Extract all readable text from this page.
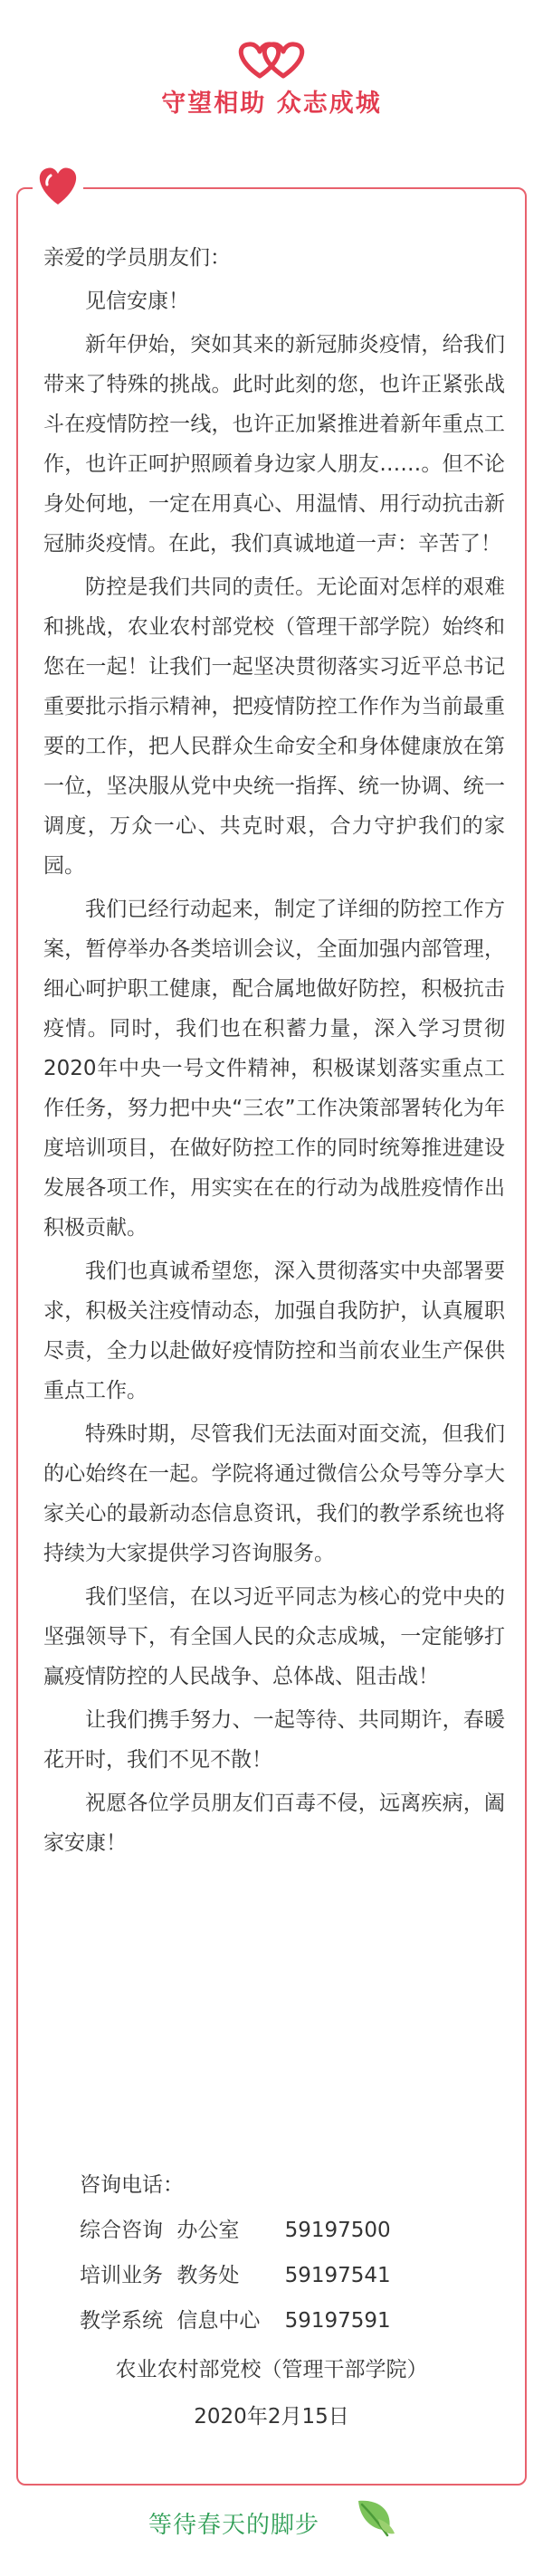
守望相助 众志成城

亲爱的学员朋友们：

见信安康！

新年伊始，突如其来的新冠肺炎疫情，给我们带来了特殊的挑战。此时此刻的您，也许正紧张战斗在疫情防控一线，也许正加紧推进着新年重点工作，也许正呵护照顾着身边家人朋友……。但不论身处何地，一定在用真心、用温情、用行动抗击新冠肺炎疫情。在此，我们真诚地道一声：辛苦了！

防控是我们共同的责任。无论面对怎样的艰难和挑战，农业农村部党校（管理干部学院）始终和您在一起！让我们一起坚决贯彻落实习近平总书记重要批示指示精神，把疫情防控工作作为当前最重要的工作，把人民群众生命安全和身体健康放在第一位，坚决服从党中央统一指挥、统一协调、统一调度，万众一心、共克时艰，合力守护我们的家园。

我们已经行动起来，制定了详细的防控工作方案，暂停举办各类培训会议，全面加强内部管理，细心呵护职工健康，配合属地做好防控，积极抗击疫情。同时，我们也在积蓄力量，深入学习贯彻2020年中央一号文件精神，积极谋划落实重点工作任务，努力把中央“三农”工作决策部署转化为年度培训项目，在做好防控工作的同时统筹推进建设发展各项工作，用实实在在的行动为战胜疫情作出积极贡献。

我们也真诚希望您，深入贯彻落实中央部署要求，积极关注疫情动态，加强自我防护，认真履职尽责，全力以赴做好疫情防控和当前农业生产保供重点工作。

特殊时期，尽管我们无法面对面交流，但我们的心始终在一起。学院将通过微信公众号等分享大家关心的最新动态信息资讯，我们的教学系统也将持续为大家提供学习咨询服务。

我们坚信，在以习近平同志为核心的党中央的坚强领导下，有全国人民的众志成城，一定能够打赢疫情防控的人民战争、总体战、阻击战！

让我们携手努力、一起等待、共同期许，春暖花开时，我们不见不散！

祝愿各位学员朋友们百毒不侵，远离疾病，阖家安康！

咨询电话：
综合咨询 办公室 59197500
培训业务 教务处 59197541
教学系统 信息中心 59197591
农业农村部党校（管理干部学院）
2020年2月15日
等待春天的脚步
